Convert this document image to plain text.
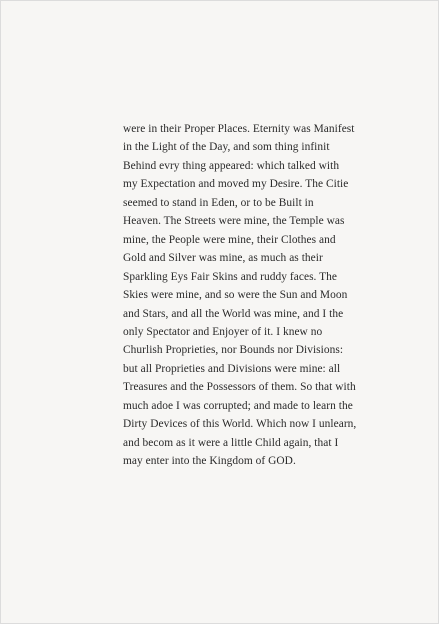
were in their Proper Places. Eternity was Manifest
in the Light of the Day, and som thing infinit
Behind evry thing appeared: which talked with
my Expectation and moved my Desire. The Citie
seemed to stand in Eden, or to be Built in
Heaven. The Streets were mine, the Temple was
mine, the People were mine, their Clothes and
Gold and Silver was mine, as much as their
Sparkling Eys Fair Skins and ruddy faces. The
Skies were mine, and so were the Sun and Moon
and Stars, and all the World was mine, and I the
only Spectator and Enjoyer of it. I knew no
Churlish Proprieties, nor Bounds nor Divisions:
but all Proprieties and Divisions were mine: all
Treasures and the Possessors of them. So that with
much adoe I was corrupted; and made to learn the
Dirty Devices of this World. Which now I unlearn,
and becom as it were a little Child again, that I
may enter into the Kingdom of GOD.
